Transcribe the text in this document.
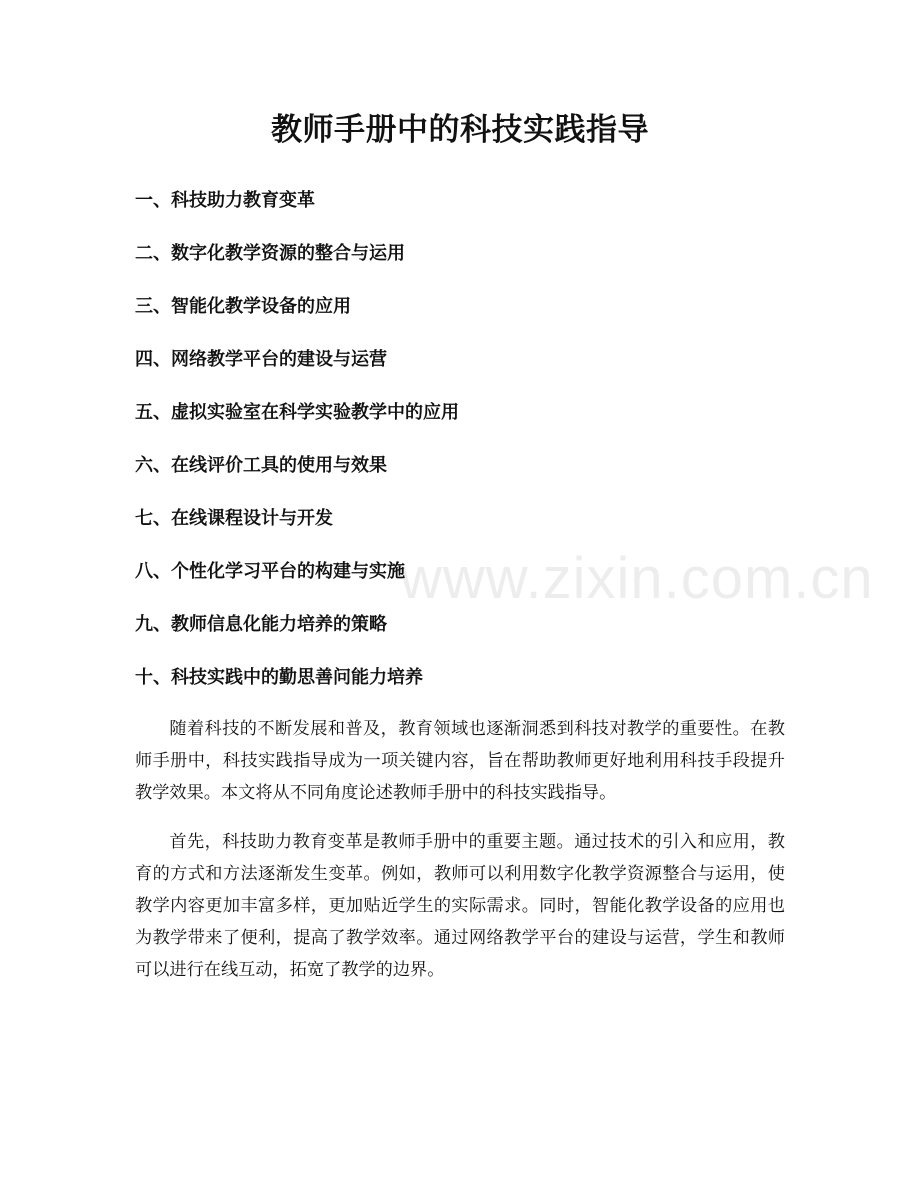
教师手册中的科技实践指导
一、科技助力教育变革
二、数字化教学资源的整合与运用
三、智能化教学设备的应用
四、网络教学平台的建设与运营
五、虚拟实验室在科学实验教学中的应用
六、在线评价工具的使用与效果
七、在线课程设计与开发
八、个性化学习平台的构建与实施
九、教师信息化能力培养的策略
十、科技实践中的勤思善问能力培养

随着科技的不断发展和普及，教育领域也逐渐洞悉到科技对教学的重要性。在教师手册中，科技实践指导成为一项关键内容，旨在帮助教师更好地利用科技手段提升教学效果。本文将从不同角度论述教师手册中的科技实践指导。

首先，科技助力教育变革是教师手册中的重要主题。通过技术的引入和应用，教育的方式和方法逐渐发生变革。例如，教师可以利用数字化教学资源整合与运用，使教学内容更加丰富多样，更加贴近学生的实际需求。同时，智能化教学设备的应用也为教学带来了便利，提高了教学效率。通过网络教学平台的建设与运营，学生和教师可以进行在线互动，拓宽了教学的边界。

www.zixin.com.cn
